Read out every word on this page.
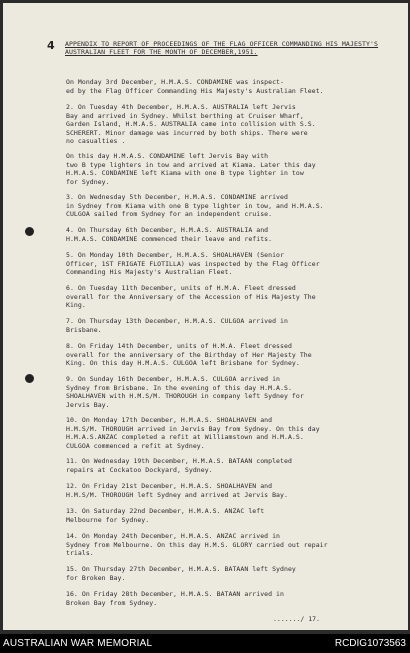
4 APPENDIX TO REPORT OF PROCEEDINGS OF THE FLAG OFFICER COMMANDING HIS MAJESTY'S AUSTRALIAN FLEET FOR THE MONTH OF DECEMBER,1951.
On Monday 3rd December, H.M.A.S. CONDAMINE was inspect-
ed by the Flag Officer Commanding His Majesty's Australian Fleet.
2. On Tuesday 4th December, H.M.A.S. AUSTRALIA left Jervis
Bay and arrived in Sydney. Whilst berthing at Cruiser Wharf,
Garden Island, H.M.A.S. AUSTRALIA came into collision with S.S.
SCHERERT. Minor damage was incurred by both ships. There were
no casualties .
On this day H.M.A.S. CONDAMINE left Jervis Bay with
two B type lighters in tow and arrived at Kiama. Later this day
H.M.A.S. CONDAMINE left Kiama with one B type lighter in tow
for Sydney.
3. On Wednesday 5th December, H.M.A.S. CONDAMINE arrived
in Sydney from Kiama with one B type lighter in tow, and H.M.A.S.
CULGOA sailed from Sydney for an independent cruise.
4. On Thursday 6th December, H.M.A.S. AUSTRALIA and
H.M.A.S. CONDAMINE commenced their leave and refits.
5. On Monday 10th December, H.M.A.S. SHOALHAVEN (Senior
Officer, 1ST FRIGATE FLOTILLA) was inspected by the Flag Officer
Commanding His Majesty's Australian Fleet.
6. On Tuesday 11th December, units of H.M.A. Fleet dressed
overall for the Anniversary of the Accession of His Majesty The
King.
7. On Thursday 13th December, H.M.A.S. CULGOA arrived in
Brisbane.
8. On Friday 14th December, units of H.M.A. Fleet dressed
overall for the anniversary of the Birthday of Her Majesty The
King. On this day H.M.A.S. CULGOA left Brisbane for Sydney.
9. On Sunday 16th December, H.M.A.S. CULGOA arrived in
Sydney from Brisbane. In the evening of this day H.M.A.S.
SHOALHAVEN with H.M.S/M. THOROUGH in company left Sydney for
Jervis Bay.
10. On Monday 17th December, H.M.A.S. SHOALHAVEN and
H.M.S/M. THOROUGH arrived in Jervis Bay from Sydney. On this day
H.M.A.S.ANZAC completed a refit at Williamstown and H.M.A.S.
CULGOA commenced a refit at Sydney.
11. On Wednesday 19th December, H.M.A.S. BATAAN completed
repairs at Cockatoo Dockyard, Sydney.
12. On Friday 21st December, H.M.A.S. SHOALHAVEN and
H.M.S/M. THOROUGH left Sydney and arrived at Jervis Bay.
13. On Saturday 22nd December, H.M.A.S. ANZAC left
Melbourne for Sydney.
14. On Monday 24th December, H.M.A.S. ANZAC arrived in
Sydney from Melbourne. On this day H.M.S. GLORY carried out repair
trials.
15. On Thursday 27th December, H.M.A.S. BATAAN left Sydney
for Broken Bay.
16. On Friday 28th December, H.M.A.S. BATAAN arrived in
Broken Bay from Sydney.
......./ 17.
AUSTRALIAN WAR MEMORIAL	RCDIG1073563
